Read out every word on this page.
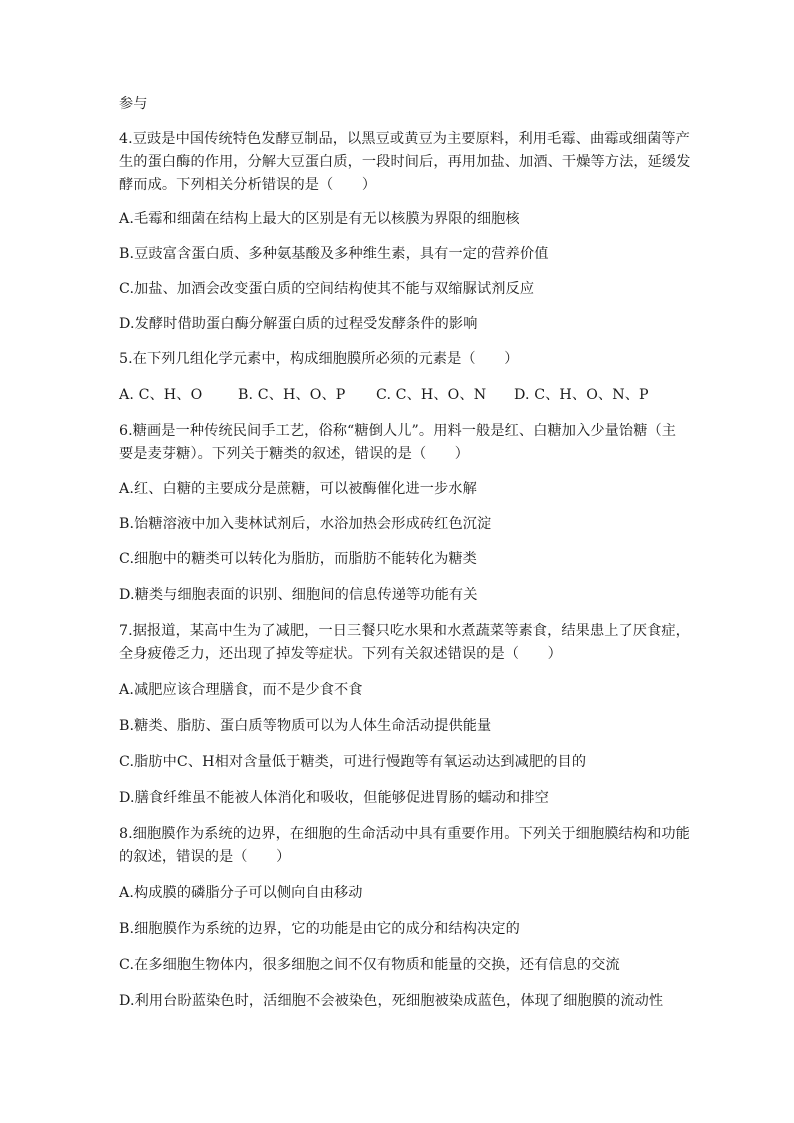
参与
4.豆豉是中国传统特色发酵豆制品，以黑豆或黄豆为主要原料，利用毛霉、曲霉或细菌等产
生的蛋白酶的作用，分解大豆蛋白质，一段时间后，再用加盐、加酒、干燥等方法，延缓发
酵而成。下列相关分析错误的是（　　）
A.毛霉和细菌在结构上最大的区别是有无以核膜为界限的细胞核
B.豆豉富含蛋白质、多种氨基酸及多种维生素，具有一定的营养价值
C.加盐、加酒会改变蛋白质的空间结构使其不能与双缩脲试剂反应
D.发酵时借助蛋白酶分解蛋白质的过程受发酵条件的影响
5.在下列几组化学元素中，构成细胞膜所必须的元素是（　　）
A. C、H、O	B. C、H、O、P	C. C、H、O、N	D. C、H、O、N、P
6.糖画是一种传统民间手工艺，俗称“糖倒人儿”。用料一般是红、白糖加入少量饴糖（主
要是麦芽糖）。下列关于糖类的叙述，错误的是（　　）
A.红、白糖的主要成分是蔗糖，可以被酶催化进一步水解
B.饴糖溶液中加入斐林试剂后，水浴加热会形成砖红色沉淀
C.细胞中的糖类可以转化为脂肪，而脂肪不能转化为糖类
D.糖类与细胞表面的识别、细胞间的信息传递等功能有关
7.据报道，某高中生为了减肥，一日三餐只吃水果和水煮蔬菜等素食，结果患上了厌食症，
全身疲倦乏力，还出现了掉发等症状。下列有关叙述错误的是（　　）
A.减肥应该合理膳食，而不是少食不食
B.糖类、脂肪、蛋白质等物质可以为人体生命活动提供能量
C.脂肪中C、H相对含量低于糖类，可进行慢跑等有氧运动达到减肥的目的
D.膳食纤维虽不能被人体消化和吸收，但能够促进胃肠的蠕动和排空
8.细胞膜作为系统的边界，在细胞的生命活动中具有重要作用。下列关于细胞膜结构和功能
的叙述，错误的是（　　）
A.构成膜的磷脂分子可以侧向自由移动
B.细胞膜作为系统的边界，它的功能是由它的成分和结构决定的
C.在多细胞生物体内，很多细胞之间不仅有物质和能量的交换，还有信息的交流
D.利用台盼蓝染色时，活细胞不会被染色，死细胞被染成蓝色，体现了细胞膜的流动性
